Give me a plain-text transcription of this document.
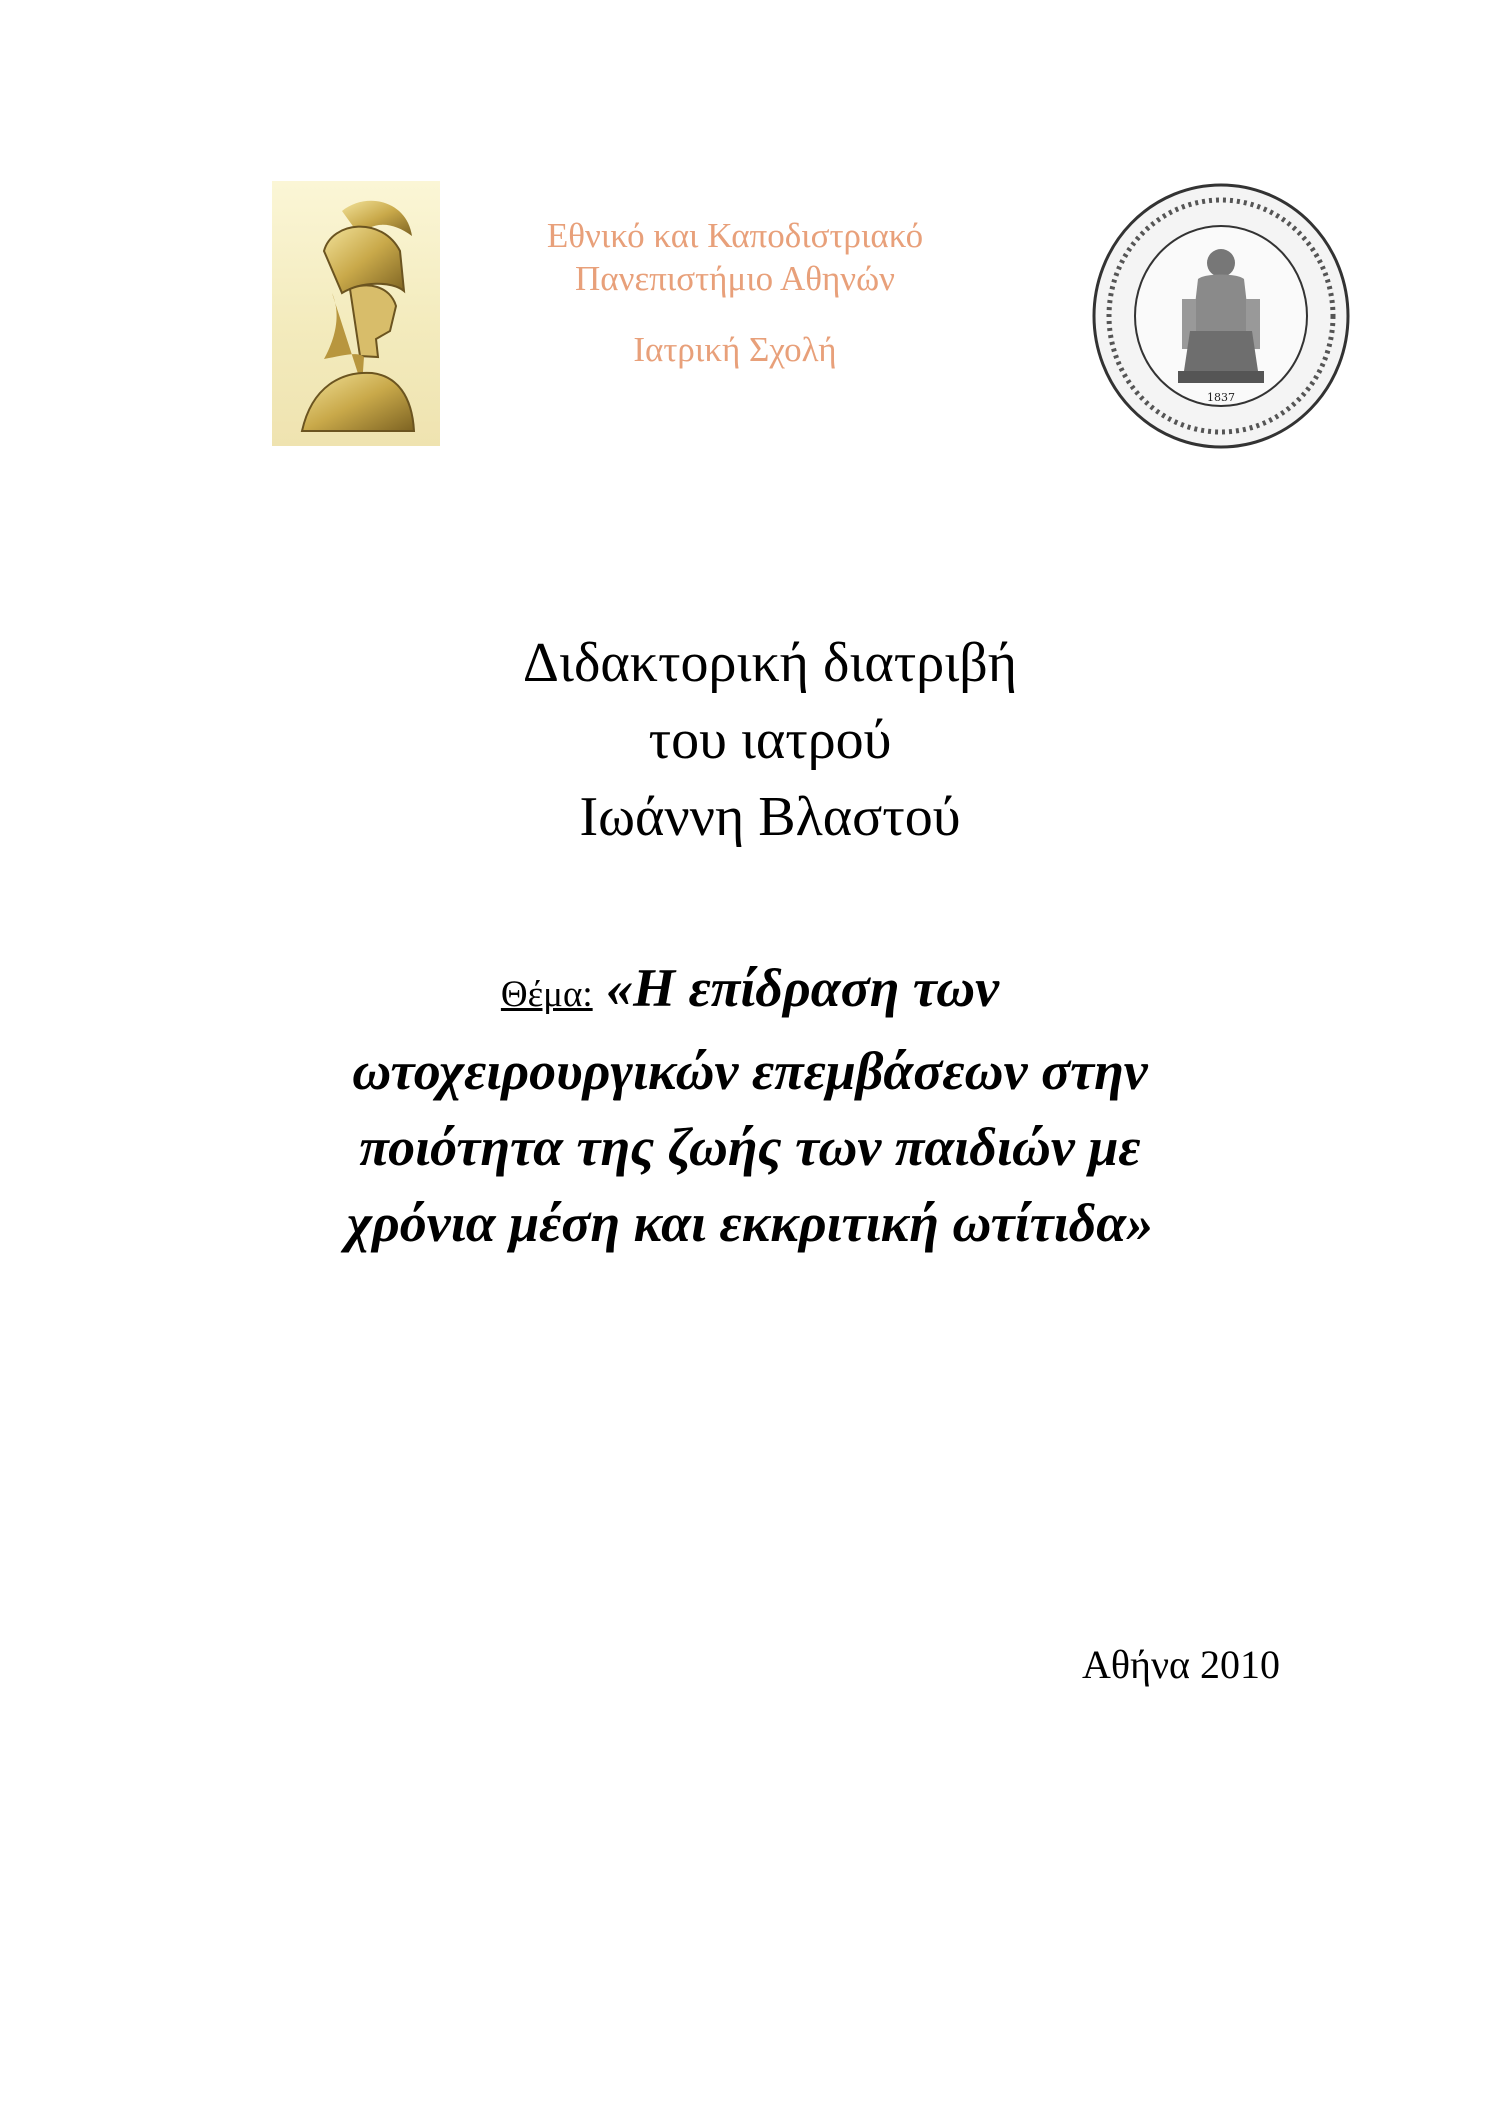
Εθνικό και Καποδιστριακό
Πανεπιστήμιο Αθηνών
Ιατρική Σχολή
1837
Διδακτορική διατριβή
του ιατρού
Ιωάννη Βλαστού
Θέμα: «Η επίδραση των
ωτοχειρουργικών επεμβάσεων στην
ποιότητα της ζωής των παιδιών με
χρόνια μέση και εκκριτική ωτίτιδα»
Αθήνα 2010
